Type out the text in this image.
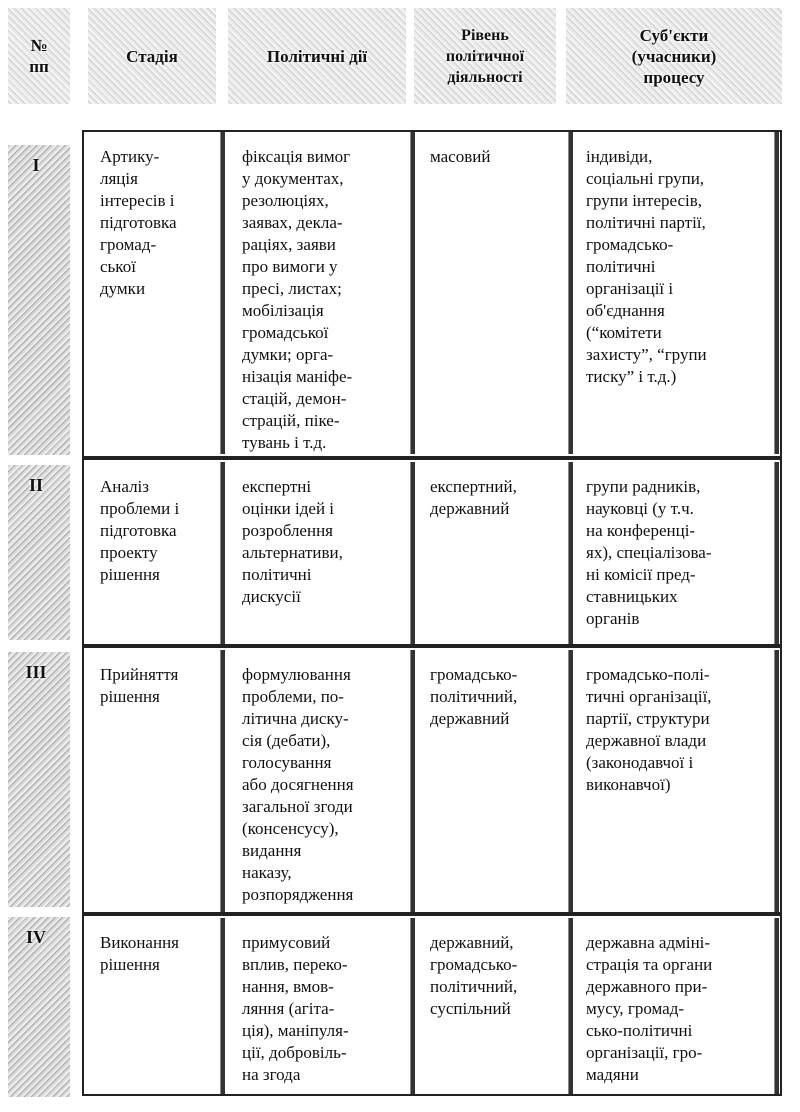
№
пп
Стадія	Політичні дії
Рівень
політичної
діяльності
Суб'єкти
(учасники)
процесу
I
II
III
IV
Артику-
ляція
інтересів і
підготовка
громад-
ської
думки
фіксація вимог
у документах,
резолюціях,
заявах, декла-
раціях, заяви
про вимоги у
пресі, листах;
мобілізація
громадської
думки; орга-
нізація маніфе-
стацій, демон-
страцій, піке-
тувань і т.д.
масовий	індивіди,
соціальні групи,
групи інтересів,
політичні партії,
громадсько-
політичні
організації і
об'єднання
(“комітети
захисту”, “групи
тиску” і т.д.)
Аналіз
проблеми і
підготовка
проекту
рішення
експертні
оцінки ідей і
розроблення
альтернативи,
політичні
дискусії
експертний,
державний
групи радників,
науковці (у т.ч.
на конференці-
ях), спеціалізова-
ні комісії пред-
ставницьких
органів
Прийняття
рішення
формулювання
проблеми, по-
літична диску-
сія (дебати),
голосування
або досягнення
загальної згоди
(консенсусу),
видання
наказу,
розпорядження
громадсько-
політичний,
державний
громадсько-полі-
тичні організації,
партії, структури
державної влади
(законодавчої і
виконавчої)
Виконання
рішення
примусовий
вплив, переко-
нання, вмов-
ляння (агіта-
ція), маніпуля-
ції, добровіль-
на згода
державний,
громадсько-
політичний,
суспільний
державна адміні-
страція та органи
державного при-
мусу, громад-
сько-політичні
організації, гро-
мадяни
